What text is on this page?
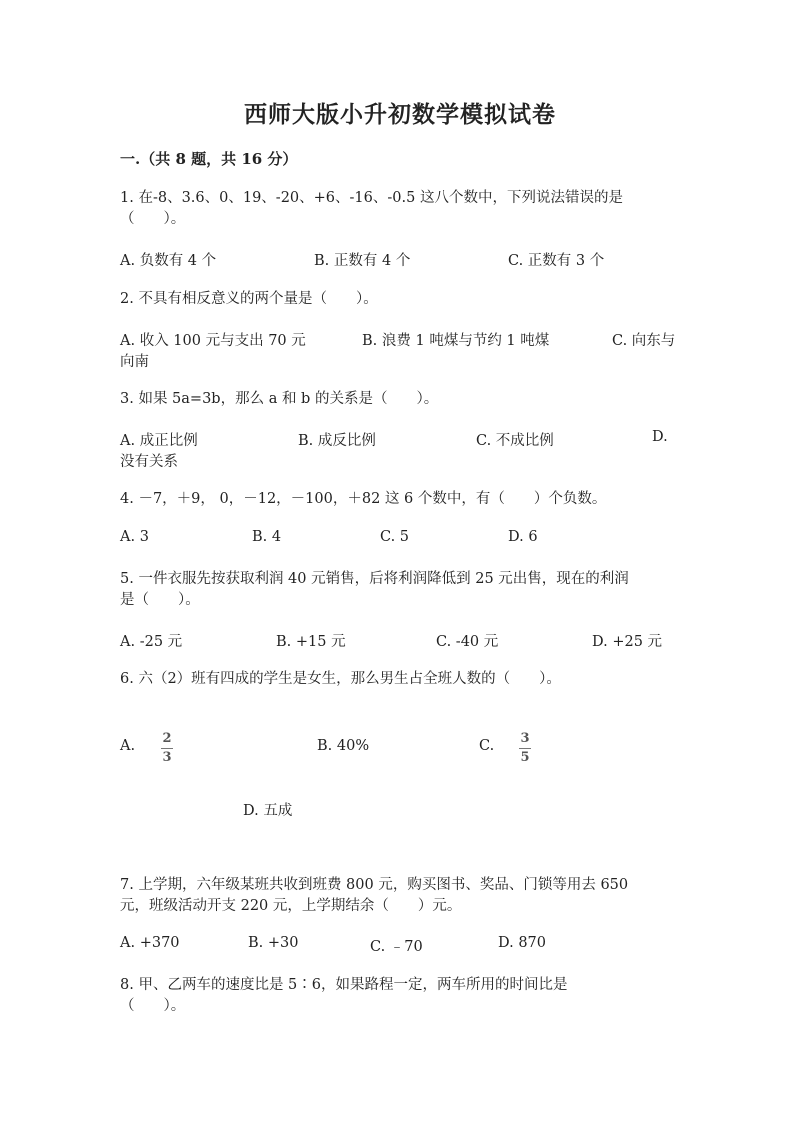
西师大版小升初数学模拟试卷
一.（共 8 题，共 16 分）
1. 在-8、3.6、0、19、-20、+6、-16、-0.5 这八个数中，下列说法错误的是
（　　）。
A. 负数有 4 个	B. 正数有 4 个	C. 正数有 3 个
2. 不具有相反意义的两个量是（　　）。
A. 收入 100 元与支出 70 元	B. 浪费 1 吨煤与节约 1 吨煤	C. 向东与
向南
3. 如果 5a=3b，那么 a 和 b 的关系是（　　）。
A. 成正比例	B. 成反比例	C. 不成比例	D.
没有关系
4. －7，＋9， 0，－12，－100，＋82 这 6 个数中，有（　　）个负数。
A. 3	B. 4	C. 5	D. 6
5. 一件衣服先按获取利润 40 元销售，后将利润降低到 25 元出售，现在的利润
是（　　）。
A. -25 元	B. +15 元	C. -40 元	D. +25 元
6. 六（2）班有四成的学生是女生，那么男生占全班人数的（　　）。
A. 2
3
B. 40%	C. 3
5
D. 五成
7. 上学期，六年级某班共收到班费 800 元，购买图书、奖品、门锁等用去 650
元，班级活动开支 220 元，上学期结余（　　）元。
A. +370	B. +30	C. ﹣70	D. 870
8. 甲、乙两车的速度比是 5∶6，如果路程一定，两车所用的时间比是
（　　）。
